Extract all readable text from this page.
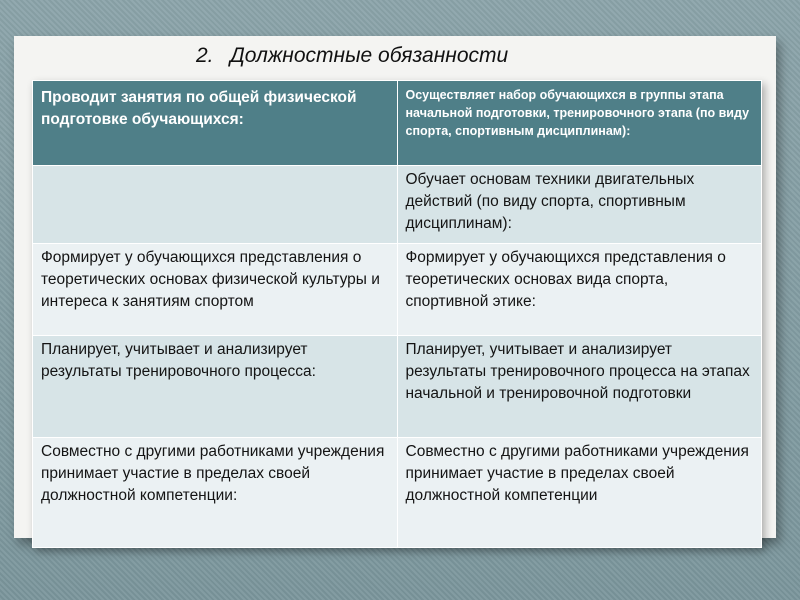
2. Должностные обязанности
Проводит занятия по общей физической подготовке обучающихся:	Осуществляет набор обучающихся в группы этапа начальной подготовки, тренировочного этапа (по виду спорта, спортивным дисциплинам):
	Обучает основам техники двигательных действий (по виду спорта, спортивным дисциплинам):
Формирует у обучающихся представления о теоретических основах физической культуры и интереса к занятиям спортом	Формирует у обучающихся представления о теоретических основах вида спорта, спортивной этике:
Планирует, учитывает и анализирует результаты тренировочного процесса:	Планирует, учитывает и анализирует результаты тренировочного процесса на этапах начальной и тренировочной подготовки
Совместно с другими работниками учреждения принимает участие в пределах своей должностной компетенции:	Совместно с другими работниками учреждения принимает участие в пределах своей должностной компетенции
